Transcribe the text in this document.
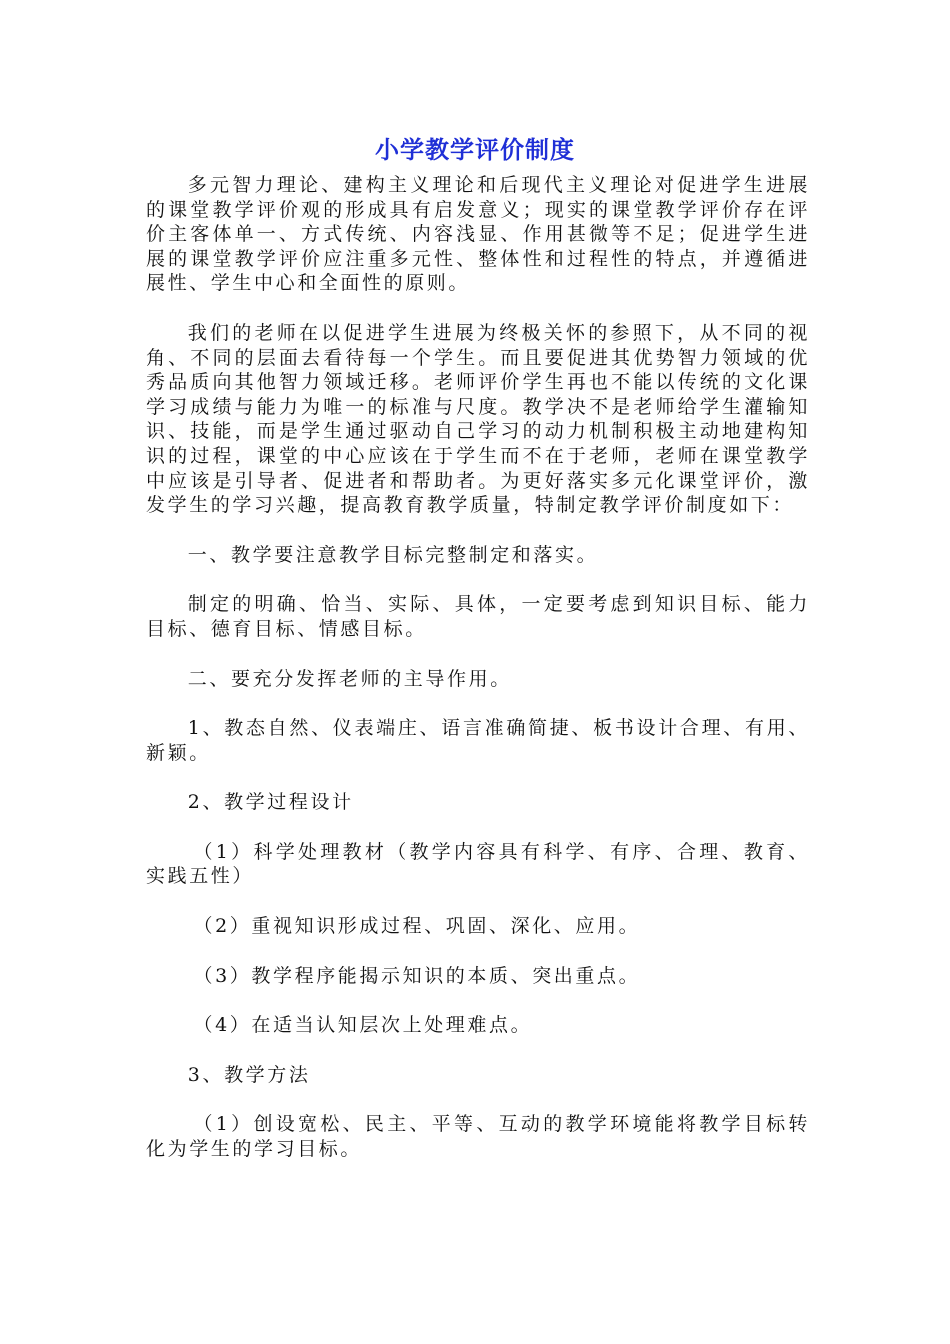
小学教学评价制度

多元智力理论、建构主义理论和后现代主义理论对促进学生进展的课堂教学评价观的形成具有启发意义；现实的课堂教学评价存在评价主客体单一、方式传统、内容浅显、作用甚微等不足；促进学生进展的课堂教学评价应注重多元性、整体性和过程性的特点，并遵循进展性、学生中心和全面性的原则。

我们的老师在以促进学生进展为终极关怀的参照下，从不同的视角、不同的层面去看待每一个学生。而且要促进其优势智力领域的优秀品质向其他智力领域迁移。老师评价学生再也不能以传统的文化课学习成绩与能力为唯一的标准与尺度。教学决不是老师给学生灌输知识、技能，而是学生通过驱动自己学习的动力机制积极主动地建构知识的过程，课堂的中心应该在于学生而不在于老师，老师在课堂教学中应该是引导者、促进者和帮助者。为更好落实多元化课堂评价，激发学生的学习兴趣，提高教育教学质量，特制定教学评价制度如下：

一、教学要注意教学目标完整制定和落实。

制定的明确、恰当、实际、具体，一定要考虑到知识目标、能力目标、德育目标、情感目标。

二、要充分发挥老师的主导作用。

1、教态自然、仪表端庄、语言准确简捷、板书设计合理、有用、新颖。

2、教学过程设计

（1）科学处理教材（教学内容具有科学、有序、合理、教育、实践五性）

（2）重视知识形成过程、巩固、深化、应用。

（3）教学程序能揭示知识的本质、突出重点。

（4）在适当认知层次上处理难点。

3、教学方法

（1）创设宽松、民主、平等、互动的教学环境能将教学目标转化为学生的学习目标。
